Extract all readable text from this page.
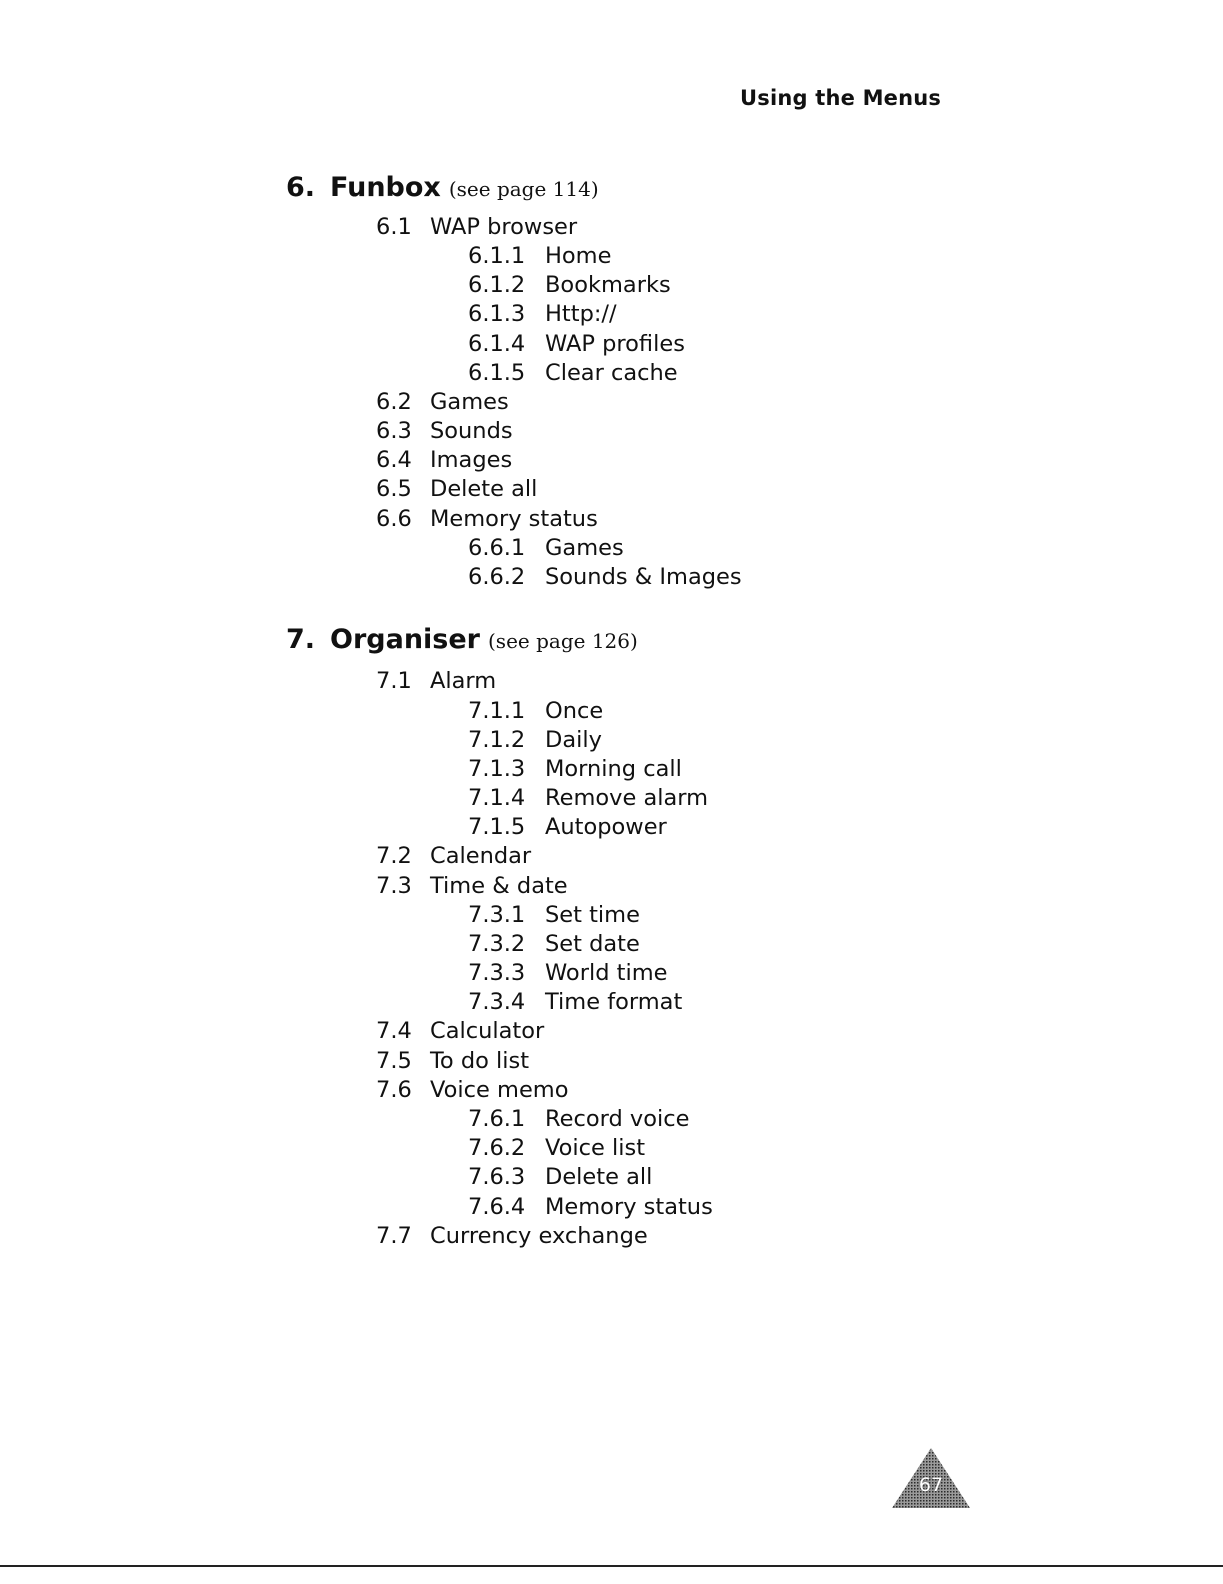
Using the Menus
6. Funbox (see page 114)
6.1 WAP browser
6.1.1 Home
6.1.2 Bookmarks
6.1.3 Http://
6.1.4 WAP profiles
6.1.5 Clear cache
6.2 Games
6.3 Sounds
6.4 Images
6.5 Delete all
6.6 Memory status
6.6.1 Games
6.6.2 Sounds & Images
7. Organiser (see page 126)
7.1 Alarm
7.1.1 Once
7.1.2 Daily
7.1.3 Morning call
7.1.4 Remove alarm
7.1.5 Autopower
7.2 Calendar
7.3 Time & date
7.3.1 Set time
7.3.2 Set date
7.3.3 World time
7.3.4 Time format
7.4 Calculator
7.5 To do list
7.6 Voice memo
7.6.1 Record voice
7.6.2 Voice list
7.6.3 Delete all
7.6.4 Memory status
7.7 Currency exchange
67
